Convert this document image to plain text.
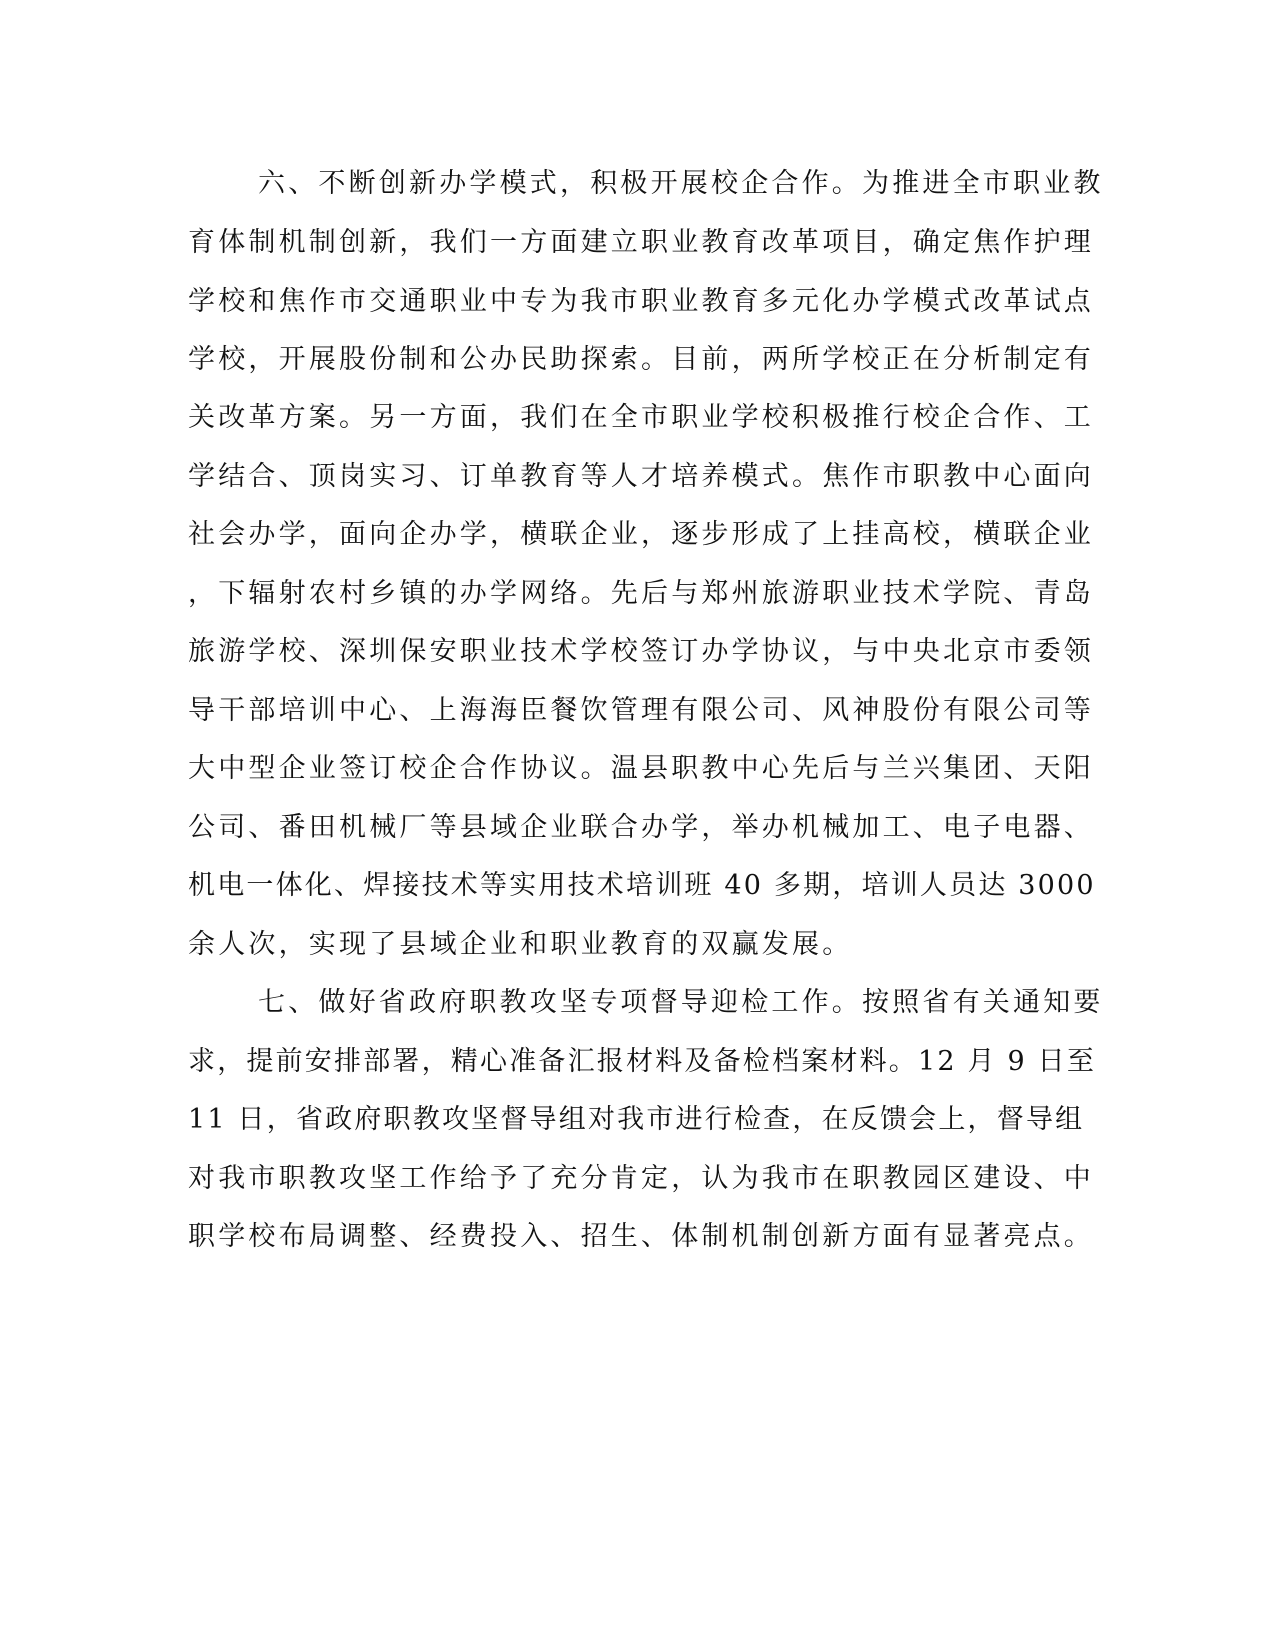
六、不断创新办学模式，积极开展校企合作。为推进全市职业教
育体制机制创新，我们一方面建立职业教育改革项目，确定焦作护理
学校和焦作市交通职业中专为我市职业教育多元化办学模式改革试点
学校，开展股份制和公办民助探索。目前，两所学校正在分析制定有
关改革方案。另一方面，我们在全市职业学校积极推行校企合作、工
学结合、顶岗实习、订单教育等人才培养模式。焦作市职教中心面向
社会办学，面向企办学，横联企业，逐步形成了上挂高校，横联企业
，下辐射农村乡镇的办学网络。先后与郑州旅游职业技术学院、青岛
旅游学校、深圳保安职业技术学校签订办学协议，与中央北京市委领
导干部培训中心、上海海臣餐饮管理有限公司、风神股份有限公司等
大中型企业签订校企合作协议。温县职教中心先后与兰兴集团、天阳
公司、番田机械厂等县域企业联合办学，举办机械加工、电子电器、
机电一体化、焊接技术等实用技术培训班 40 多期，培训人员达 3000
余人次，实现了县域企业和职业教育的双赢发展。
七、做好省政府职教攻坚专项督导迎检工作。按照省有关通知要
求，提前安排部署，精心准备汇报材料及备检档案材料。12 月 9 日至
11 日，省政府职教攻坚督导组对我市进行检查，在反馈会上，督导组
对我市职教攻坚工作给予了充分肯定，认为我市在职教园区建设、中
职学校布局调整、经费投入、招生、体制机制创新方面有显著亮点。
